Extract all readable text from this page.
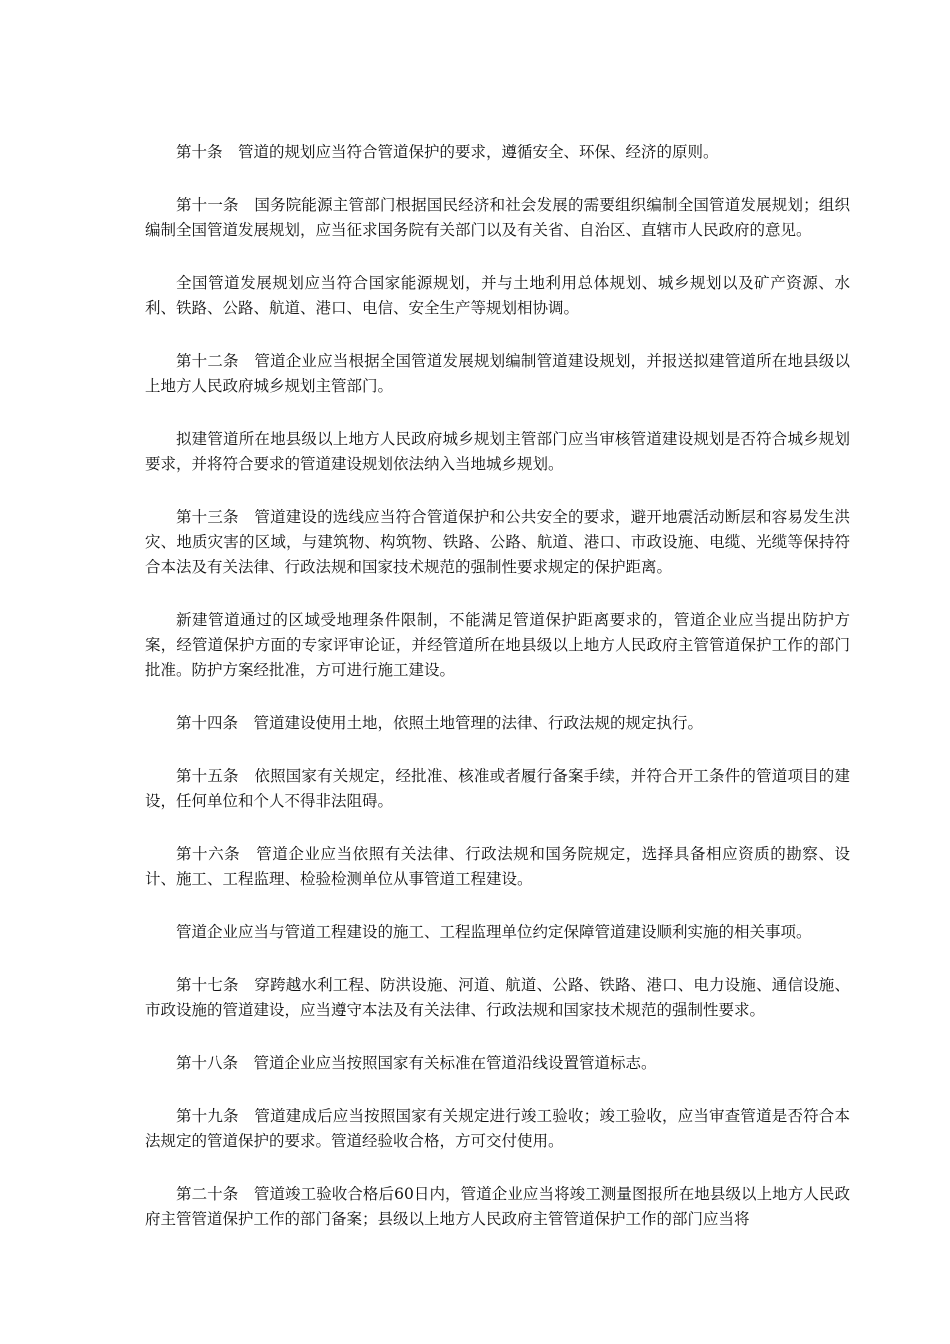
第十条　管道的规划应当符合管道保护的要求，遵循安全、环保、经济的原则。

第十一条　国务院能源主管部门根据国民经济和社会发展的需要组织编制全国管道发展规划；组织编制全国管道发展规划，应当征求国务院有关部门以及有关省、自治区、直辖市人民政府的意见。

全国管道发展规划应当符合国家能源规划，并与土地利用总体规划、城乡规划以及矿产资源、水利、铁路、公路、航道、港口、电信、安全生产等规划相协调。

第十二条　管道企业应当根据全国管道发展规划编制管道建设规划，并报送拟建管道所在地县级以上地方人民政府城乡规划主管部门。

拟建管道所在地县级以上地方人民政府城乡规划主管部门应当审核管道建设规划是否符合城乡规划要求，并将符合要求的管道建设规划依法纳入当地城乡规划。

第十三条　管道建设的选线应当符合管道保护和公共安全的要求，避开地震活动断层和容易发生洪灾、地质灾害的区域，与建筑物、构筑物、铁路、公路、航道、港口、市政设施、电缆、光缆等保持符合本法及有关法律、行政法规和国家技术规范的强制性要求规定的保护距离。

新建管道通过的区域受地理条件限制，不能满足管道保护距离要求的，管道企业应当提出防护方案，经管道保护方面的专家评审论证，并经管道所在地县级以上地方人民政府主管管道保护工作的部门批准。防护方案经批准，方可进行施工建设。

第十四条　管道建设使用土地，依照土地管理的法律、行政法规的规定执行。

第十五条　依照国家有关规定，经批准、核准或者履行备案手续，并符合开工条件的管道项目的建设，任何单位和个人不得非法阻碍。

第十六条　管道企业应当依照有关法律、行政法规和国务院规定，选择具备相应资质的勘察、设计、施工、工程监理、检验检测单位从事管道工程建设。

管道企业应当与管道工程建设的施工、工程监理单位约定保障管道建设顺利实施的相关事项。

第十七条　穿跨越水利工程、防洪设施、河道、航道、公路、铁路、港口、电力设施、通信设施、市政设施的管道建设，应当遵守本法及有关法律、行政法规和国家技术规范的强制性要求。

第十八条　管道企业应当按照国家有关标准在管道沿线设置管道标志。

第十九条　管道建成后应当按照国家有关规定进行竣工验收；竣工验收，应当审查管道是否符合本法规定的管道保护的要求。管道经验收合格，方可交付使用。

第二十条　管道竣工验收合格后60日内，管道企业应当将竣工测量图报所在地县级以上地方人民政府主管管道保护工作的部门备案；县级以上地方人民政府主管管道保护工作的部门应当将
